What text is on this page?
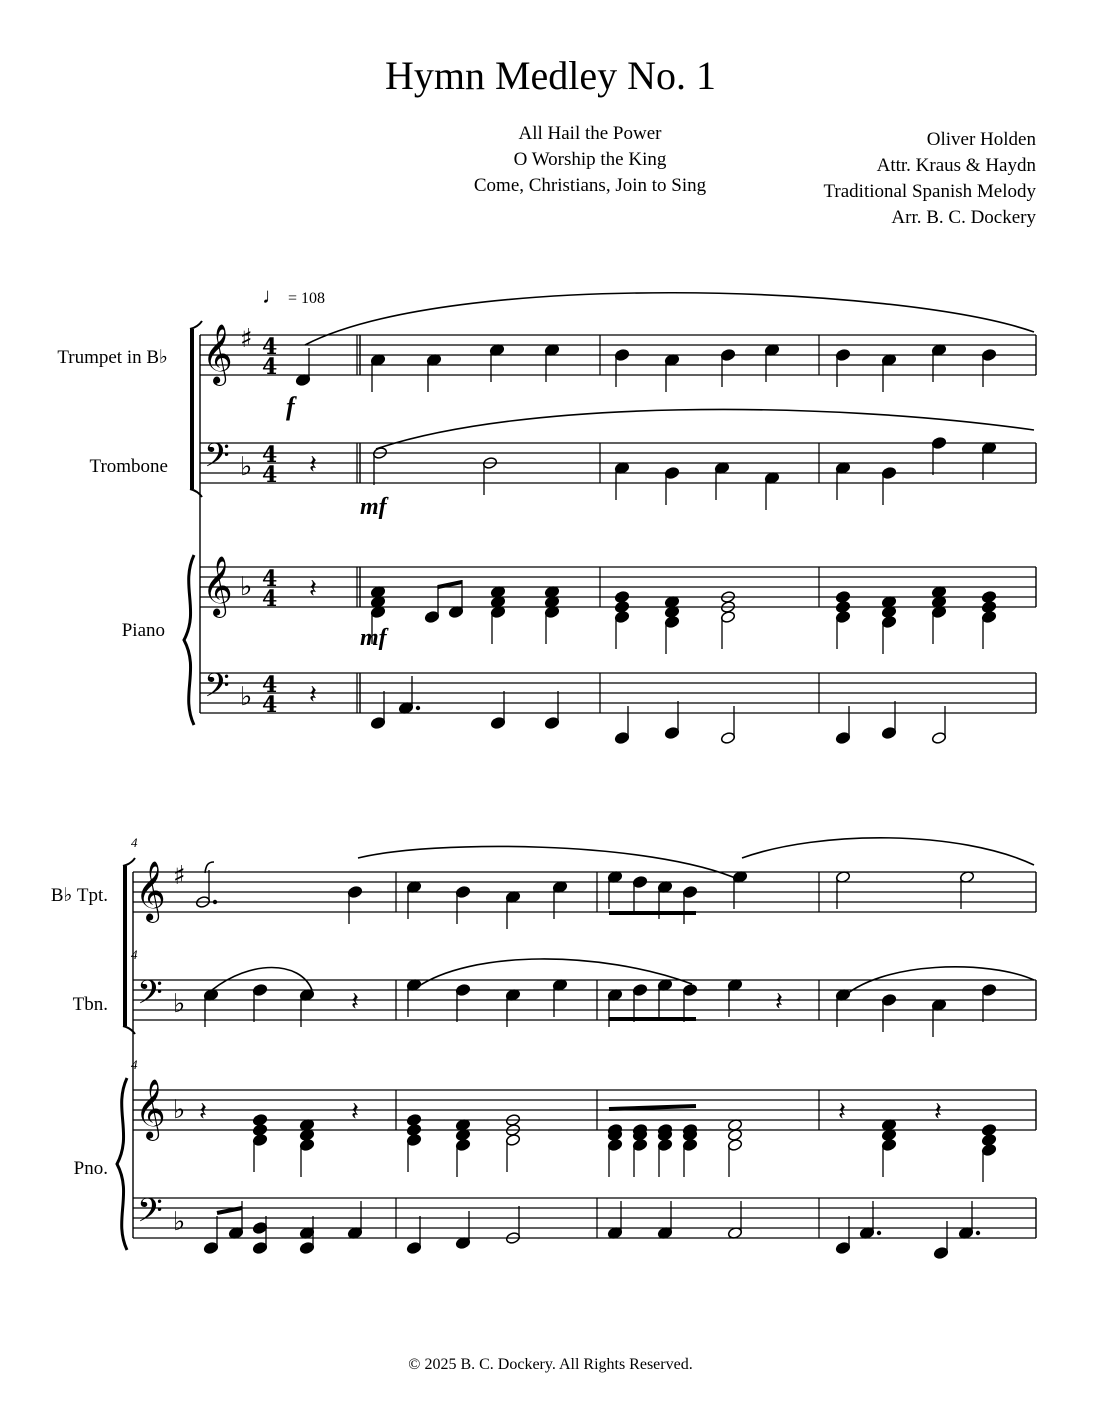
Hymn Medley No. 1
All Hail the Power
O Worship the King
Come, Christians, Join to Sing
Oliver Holden
Attr. Kraus & Haydn
Traditional Spanish Melody
Arr. B. C. Dockery
♩ = 108
Trumpet in B♭
Trombone
Piano
B♭ Tpt.
Tbn.
Pno.
4
4
4
f
mf
mf
𝄞
𝄢
𝄞
𝄢
𝄞
𝄢
𝄞
𝄢
♯
♭
♭
♭
♯
♭
♭
♭
4
4
4
4
4
4
4
4
𝄽
𝄽
𝄽
𝄽	𝄽
𝄽	𝄽	𝄽	𝄽
© 2025 B. C. Dockery. All Rights Reserved.
